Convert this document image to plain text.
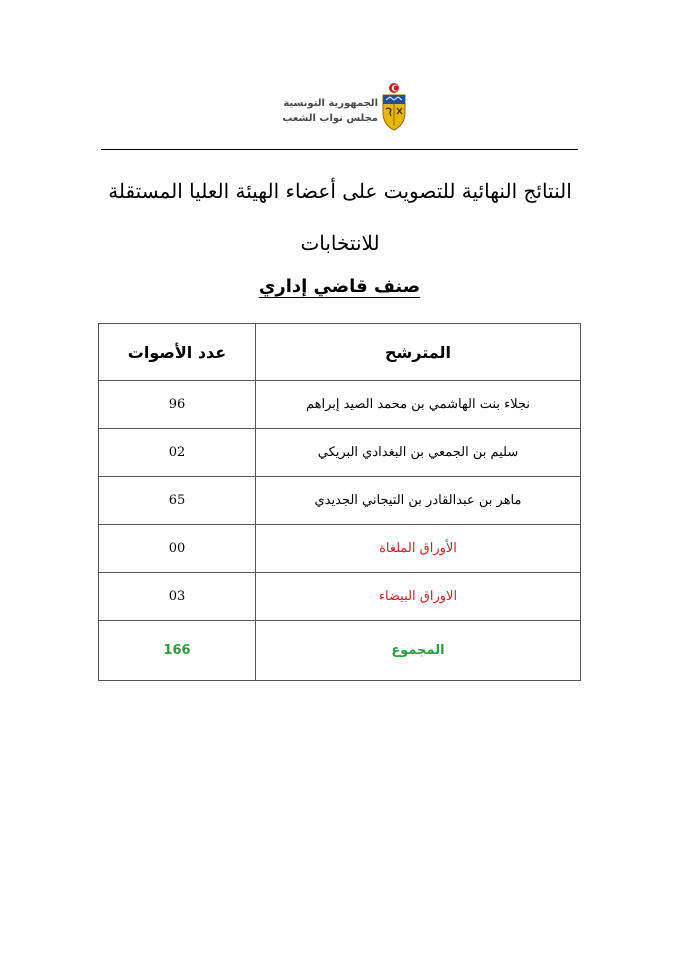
الجمهورية التونسية
مجلس نواب الشعب
النتائج النهائية للتصويت على أعضاء الهيئة العليا المستقلة للانتخابات
صنف قاضي إداري
المترشح	عدد الأصوات
نجلاء بنت الهاشمي بن محمد الصيد إبراهم	96
سليم بن الجمعي بن البغدادي البريكي	02
ماهر بن عبدالقادر بن التيجاني الجديدي	65
الأوراق الملغاة	00
الاوراق البيضاء	03
المجموع	166
